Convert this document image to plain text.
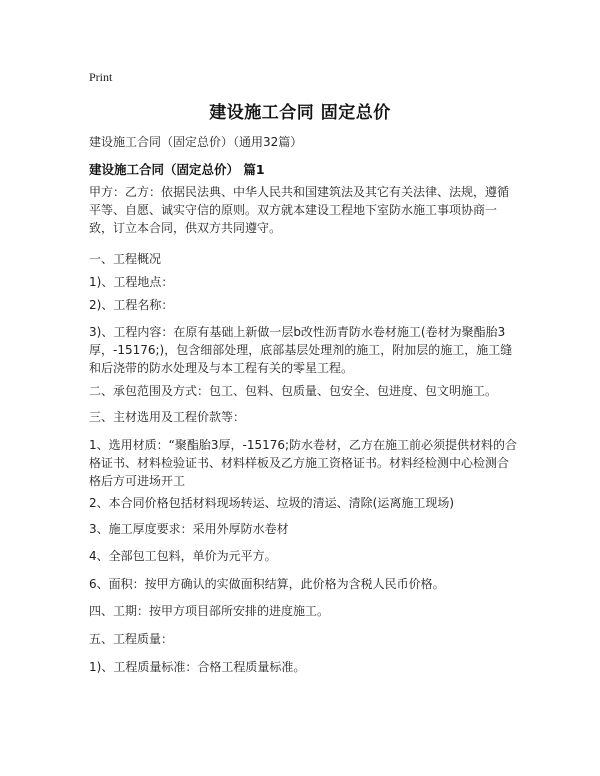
Print
建设施工合同 固定总价
建设施工合同（固定总价）（通用32篇）
建设施工合同（固定总价） 篇1

甲方：乙方：依据民法典、中华人民共和国建筑法及其它有关法律、法规，遵循平等、自愿、诚实守信的原则。双方就本建设工程地下室防水施工事项协商一致，订立本合同，供双方共同遵守。

一、工程概况

1)、工程地点：

2)、工程名称：

3)、工程内容：在原有基础上新做一层b改性沥青防水卷材施工(卷材为聚酯胎3厚，-15176;)，包含细部处理，底部基层处理剂的施工，附加层的施工，施工缝和后浇带的防水处理及与本工程有关的零星工程。

二、承包范围及方式：包工、包料、包质量、包安全、包进度、包文明施工。

三、主材选用及工程价款等：

1、选用材质：“聚酯胎3厚，-15176;防水卷材，乙方在施工前必须提供材料的合格证书、材料检验证书、材料样板及乙方施工资格证书。材料经检测中心检测合格后方可进场开工

2、本合同价格包括材料现场转运、垃圾的清运、清除(运离施工现场)

3、施工厚度要求：采用外厚防水卷材

4、全部包工包料，单价为元平方。

6、面积：按甲方确认的实做面积结算，此价格为含税人民币价格。

四、工期：按甲方项目部所安排的进度施工。

五、工程质量：

1)、工程质量标准：合格工程质量标准。
